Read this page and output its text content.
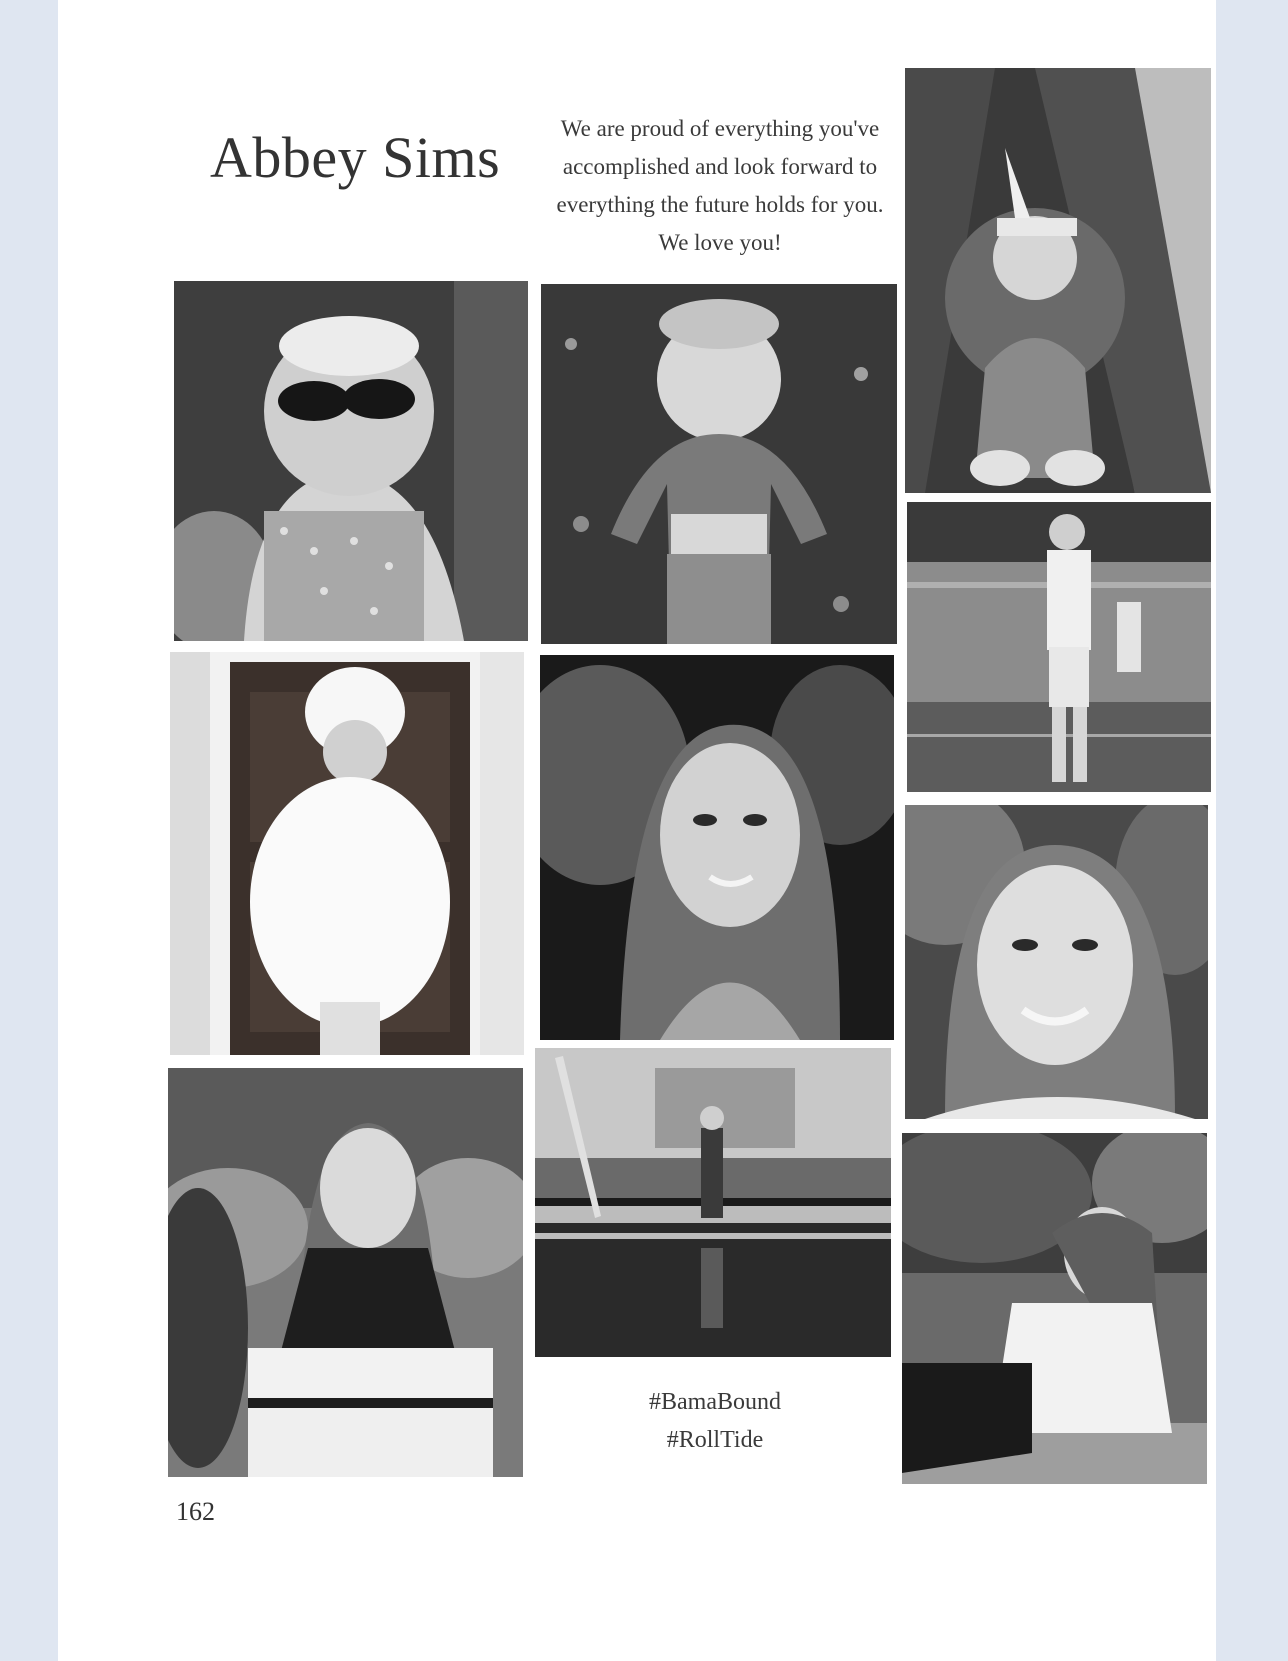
Abbey Sims	We are proud of everything you've accomplished and look forward to everything the future holds for you. We love you!
#BamaBound
#RollTide
162
